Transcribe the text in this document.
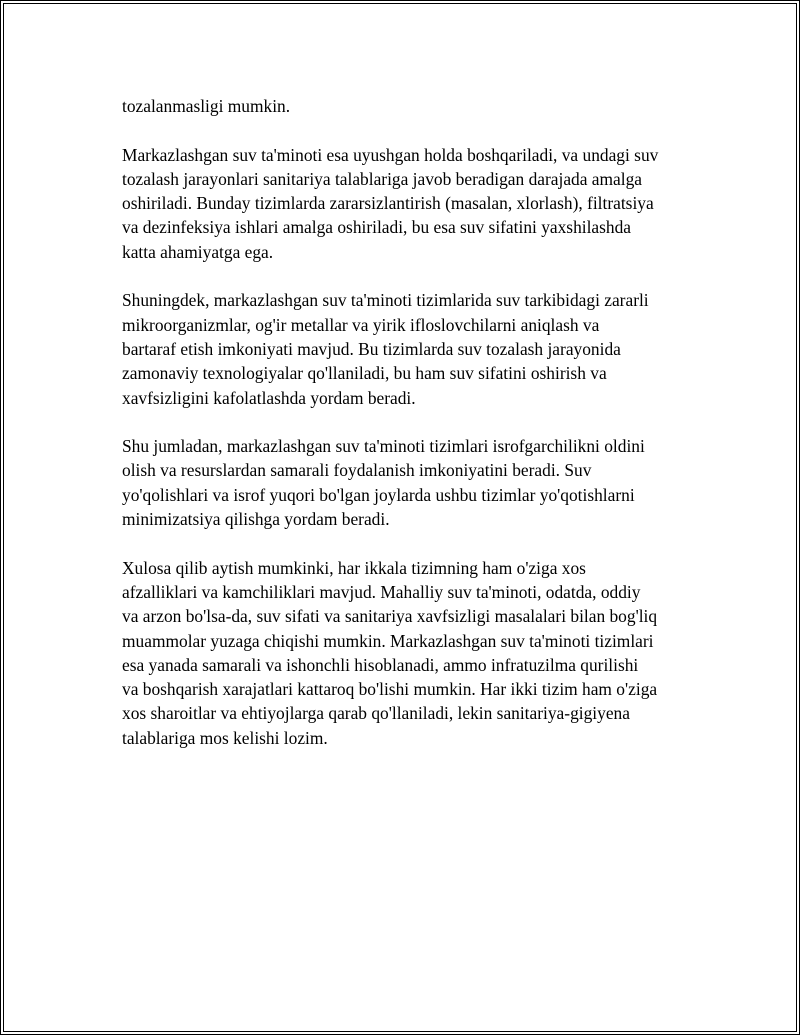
tozalanmasligi mumkin.
Markazlashgan suv ta'minoti esa uyushgan holda boshqariladi, va undagi suv
tozalash jarayonlari sanitariya talablariga javob beradigan darajada amalga
oshiriladi. Bunday tizimlarda zararsizlantirish (masalan, xlorlash), filtratsiya
va dezinfeksiya ishlari amalga oshiriladi, bu esa suv sifatini yaxshilashda
katta ahamiyatga ega.
Shuningdek, markazlashgan suv ta'minoti tizimlarida suv tarkibidagi zararli
mikroorganizmlar, og'ir metallar va yirik ifloslovchilarni aniqlash va
bartaraf etish imkoniyati mavjud. Bu tizimlarda suv tozalash jarayonida
zamonaviy texnologiyalar qo'llaniladi, bu ham suv sifatini oshirish va
xavfsizligini kafolatlashda yordam beradi.
Shu jumladan, markazlashgan suv ta'minoti tizimlari isrofgarchilikni oldini
olish va resurslardan samarali foydalanish imkoniyatini beradi. Suv
yo'qolishlari va isrof yuqori bo'lgan joylarda ushbu tizimlar yo'qotishlarni
minimizatsiya qilishga yordam beradi.
Xulosa qilib aytish mumkinki, har ikkala tizimning ham o'ziga xos
afzalliklari va kamchiliklari mavjud. Mahalliy suv ta'minoti, odatda, oddiy
va arzon bo'lsa-da, suv sifati va sanitariya xavfsizligi masalalari bilan bog'liq
muammolar yuzaga chiqishi mumkin. Markazlashgan suv ta'minoti tizimlari
esa yanada samarali va ishonchli hisoblanadi, ammo infratuzilma qurilishi
va boshqarish xarajatlari kattaroq bo'lishi mumkin. Har ikki tizim ham o'ziga
xos sharoitlar va ehtiyojlarga qarab qo'llaniladi, lekin sanitariya-gigiyena
talablariga mos kelishi lozim.
